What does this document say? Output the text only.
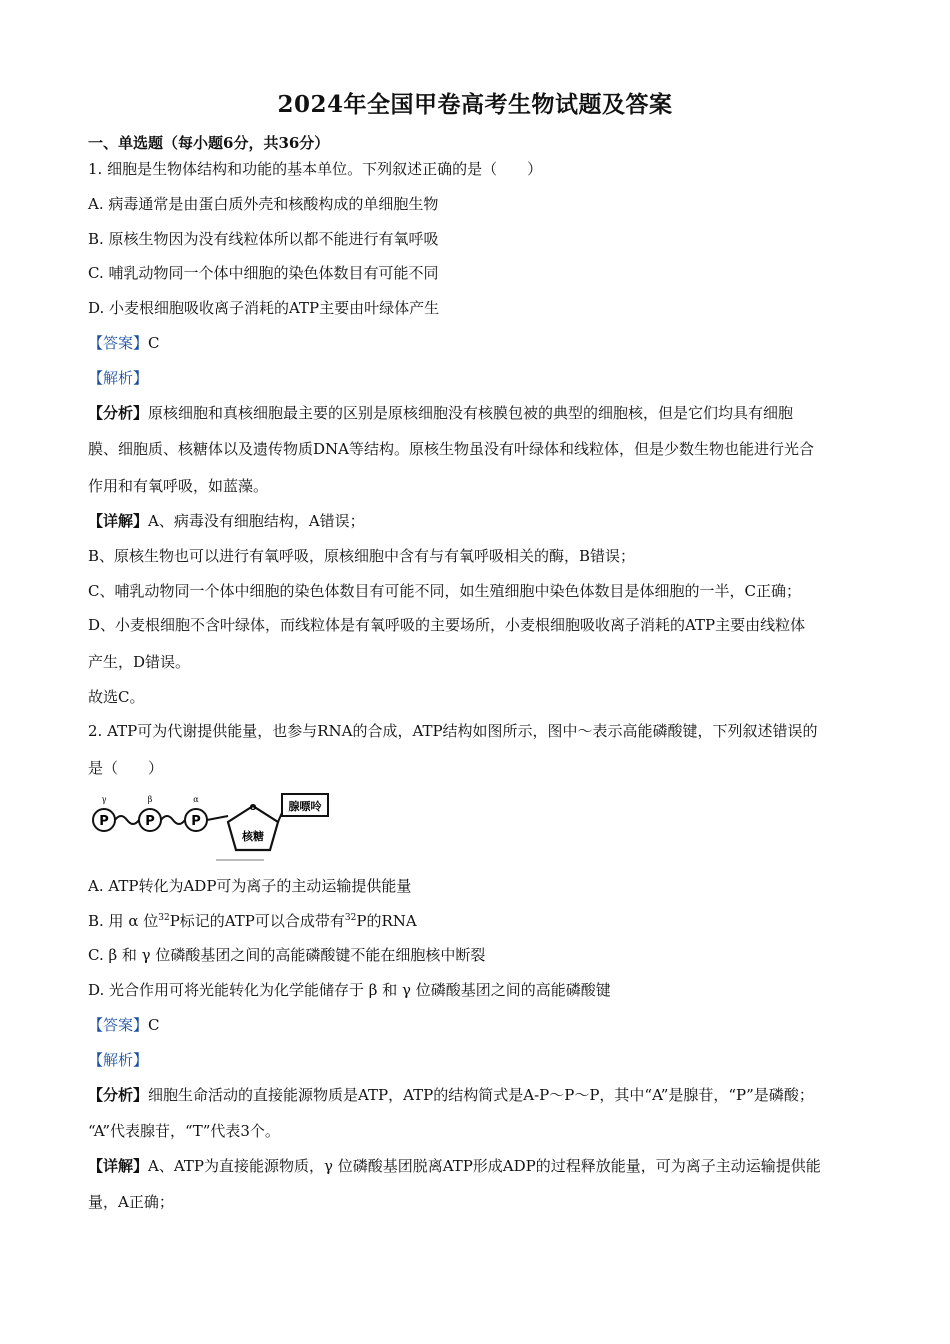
2024年全国甲卷高考生物试题及答案
一、单选题（每小题6分，共36分）
1. 细胞是生物体结构和功能的基本单位。下列叙述正确的是（　　）
A. 病毒通常是由蛋白质外壳和核酸构成的单细胞生物
B. 原核生物因为没有线粒体所以都不能进行有氧呼吸
C. 哺乳动物同一个体中细胞的染色体数目有可能不同
D. 小麦根细胞吸收离子消耗的ATP主要由叶绿体产生
【答案】C
【解析】
【分析】原核细胞和真核细胞最主要的区别是原核细胞没有核膜包被的典型的细胞核，但是它们均具有细胞
膜、细胞质、核糖体以及遗传物质DNA等结构。原核生物虽没有叶绿体和线粒体，但是少数生物也能进行光合
作用和有氧呼吸，如蓝藻。
【详解】A、病毒没有细胞结构，A错误；
B、原核生物也可以进行有氧呼吸，原核细胞中含有与有氧呼吸相关的酶，B错误；
C、哺乳动物同一个体中细胞的染色体数目有可能不同，如生殖细胞中染色体数目是体细胞的一半，C正确；
D、小麦根细胞不含叶绿体，而线粒体是有氧呼吸的主要场所，小麦根细胞吸收离子消耗的ATP主要由线粒体
产生，D错误。
故选C。
2. ATP可为代谢提供能量，也参与RNA的合成，ATP结构如图所示，图中～表示高能磷酸键，下列叙述错误的
是（　　）
P
γ
P
β
P
α
O
核糖
腺嘌呤
A. ATP转化为ADP可为离子的主动运输提供能量
B. 用 α 位$^{32}$P标记的ATP可以合成带有$^{32}$P的RNA
C. β 和 γ 位磷酸基团之间的高能磷酸键不能在细胞核中断裂
D. 光合作用可将光能转化为化学能储存于 β 和 γ 位磷酸基团之间的高能磷酸键
【答案】C
【解析】
【分析】细胞生命活动的直接能源物质是ATP，ATP的结构简式是A-P～P～P，其中“A”是腺苷，“P”是磷酸；
“A”代表腺苷，“T”代表3个。
【详解】A、ATP为直接能源物质，γ 位磷酸基团脱离ATP形成ADP的过程释放能量，可为离子主动运输提供能
量，A正确；
